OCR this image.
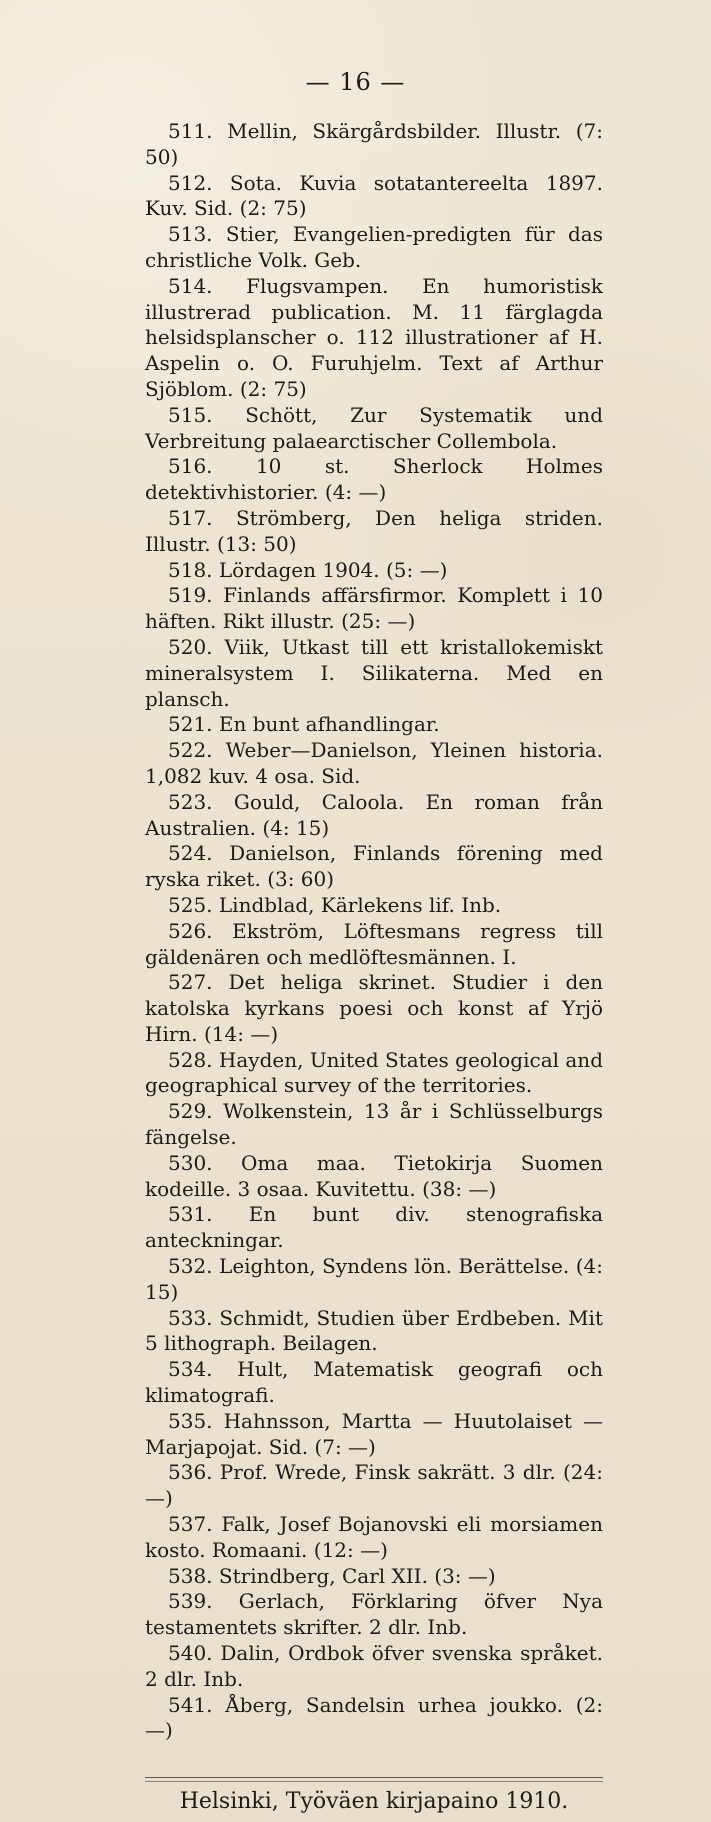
— 16 —

511. Mellin, Skärgårdsbilder. Illustr. (7: 50)

512. Sota. Kuvia sotatantereelta 1897. Kuv. Sid. (2: 75)

513. Stier, Evangelien-predigten für das christliche Volk. Geb.

514. Flugsvampen. En humoristisk illustrerad publication. M. 11 färglagda helsidsplanscher o. 112 illustrationer af H. Aspelin o. O. Furuhjelm. Text af Arthur Sjöblom. (2: 75)

515. Schött, Zur Systematik und Verbreitung palaearctischer Collembola.

516. 10 st. Sherlock Holmes detektivhistorier. (4: —)

517. Strömberg, Den heliga striden. Illustr. (13: 50)

518. Lördagen 1904. (5: —)

519. Finlands affärsfirmor. Komplett i 10 häften. Rikt illustr. (25: —)

520. Viik, Utkast till ett kristallokemiskt mineralsystem I. Silikaterna. Med en plansch.

521. En bunt afhandlingar.

522. Weber—Danielson, Yleinen historia. 1,082 kuv. 4 osa. Sid.

523. Gould, Caloola. En roman från Australien. (4: 15)

524. Danielson, Finlands förening med ryska riket. (3: 60)

525. Lindblad, Kärlekens lif. Inb.

526. Ekström, Löftesmans regress till gäldenären och medlöftesmännen. I.

527. Det heliga skrinet. Studier i den katolska kyrkans poesi och konst af Yrjö Hirn. (14: —)

528. Hayden, United States geological and geographical survey of the territories.

529. Wolkenstein, 13 år i Schlüsselburgs fängelse.

530. Oma maa. Tietokirja Suomen kodeille. 3 osaa. Kuvitettu. (38: —)

531. En bunt div. stenografiska anteckningar.

532. Leighton, Syndens lön. Berättelse. (4: 15)

533. Schmidt, Studien über Erdbeben. Mit 5 lithograph. Beilagen.

534. Hult, Matematisk geografi och klimatografi.

535. Hahnsson, Martta — Huutolaiset — Marjapojat. Sid. (7: —)

536. Prof. Wrede, Finsk sakrätt. 3 dlr. (24: —)

537. Falk, Josef Bojanovski eli morsiamen kosto. Romaani. (12: —)

538. Strindberg, Carl XII. (3: —)

539. Gerlach, Förklaring öfver Nya testamentets skrifter. 2 dlr. Inb.

540. Dalin, Ordbok öfver svenska språket. 2 dlr. Inb.

541. Åberg, Sandelsin urhea joukko. (2: —)

Helsinki, Työväen kirjapaino 1910.
